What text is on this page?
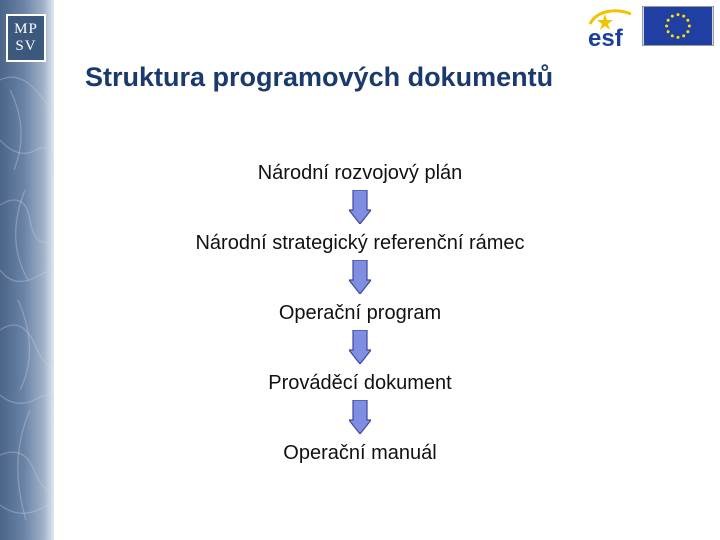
MP
SV	esf
Struktura programových dokumentů
Národní rozvojový plán
Národní strategický referenční rámec
Operační program
Prováděcí dokument
Operační manuál
